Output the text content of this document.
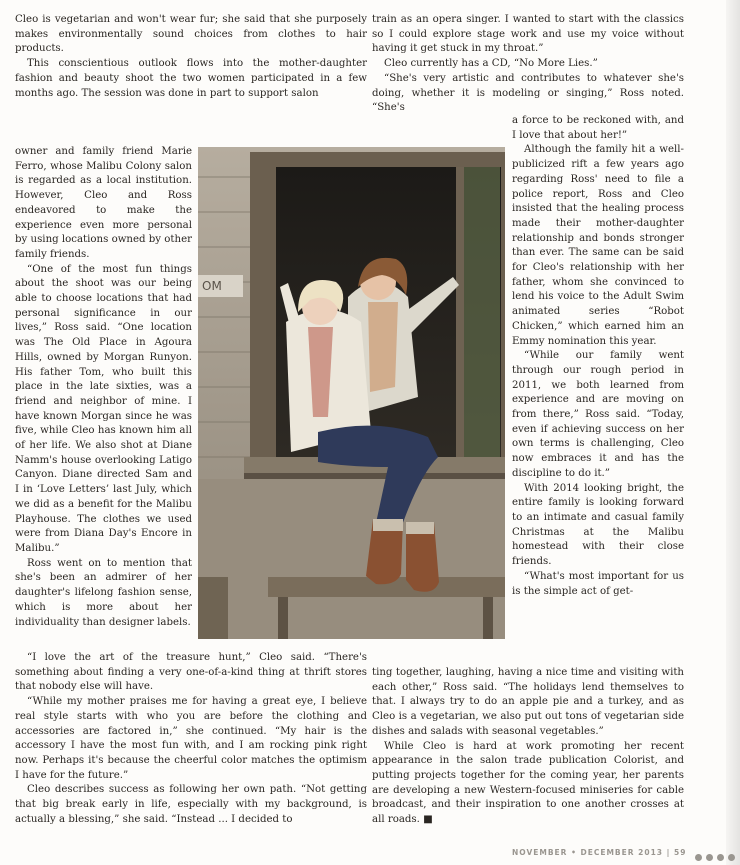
Cleo is vegetarian and won't wear fur; she said that she purposely makes environmentally sound choices from clothes to hair products.

This conscientious outlook flows into the mother-daughter fashion and beauty shoot the two women participated in a few months ago. The session was done in part to support salon

owner and family friend Marie Ferro, whose Malibu Colony salon is regarded as a local institution. However, Cleo and Ross endeavored to make the experience even more personal by using locations owned by other family friends.

“One of the most fun things about the shoot was our being able to choose locations that had personal significance in our lives,” Ross said. “One location was The Old Place in Agoura Hills, owned by Morgan Runyon. His father Tom, who built this place in the late sixties, was a friend and neighbor of mine. I have known Morgan since he was five, while Cleo has known him all of her life. We also shot at Diane Namm's house overlooking Latigo Canyon. Diane directed Sam and I in ‘Love Letters’ last July, which we did as a benefit for the Malibu Playhouse. The clothes we used were from Diana Day's Encore in Malibu.”

Ross went on to mention that she's been an admirer of her daughter's lifelong fashion sense, which is more about her individuality than designer labels.

“I love the art of the treasure hunt,” Cleo said. “There's something about finding a very one-of-a-kind thing at thrift stores that nobody else will have.

“While my mother praises me for having a great eye, I believe real style starts with who you are before the clothing and accessories are factored in,” she continued. “My hair is the accessory I have the most fun with, and I am rocking pink right now. Perhaps it's because the cheerful color matches the optimism I have for the future.”

Cleo describes success as following her own path. “Not getting that big break early in life, especially with my background, is actually a blessing,” she said. “Instead ... I decided to

train as an opera singer. I wanted to start with the classics so I could explore stage work and use my voice without having it get stuck in my throat.”

Cleo currently has a CD, “No More Lies.”

“She's very artistic and contributes to whatever she's doing, whether it is modeling or singing,” Ross noted. “She's

a force to be reckoned with, and I love that about her!”

Although the family hit a well-publicized rift a few years ago regarding Ross' need to file a police report, Ross and Cleo insisted that the healing process made their mother-daughter relationship and bonds stronger than ever. The same can be said for Cleo's relationship with her father, whom she convinced to lend his voice to the Adult Swim animated series “Robot Chicken,” which earned him an Emmy nomination this year.

“While our family went through our rough period in 2011, we both learned from experience and are moving on from there,” Ross said. “Today, even if achieving success on her own terms is challenging, Cleo now embraces it and has the discipline to do it.”

With 2014 looking bright, the entire family is looking forward to an intimate and casual family Christmas at the Malibu homestead with their close friends.

“What's most important for us is the simple act of get-

ting together, laughing, having a nice time and visiting with each other,” Ross said. “The holidays lend themselves to that. I always try to do an apple pie and a turkey, and as Cleo is a vegetarian, we also put out tons of vegetarian side dishes and salads with seasonal vegetables.”

While Cleo is hard at work promoting her recent appearance in the salon trade publication Colorist, and putting projects together for the coming year, her parents are developing a new Western-focused miniseries for cable broadcast, and their inspiration to one another crosses at all roads. ■

OM
NOVEMBER • DECEMBER 2013 | 59
